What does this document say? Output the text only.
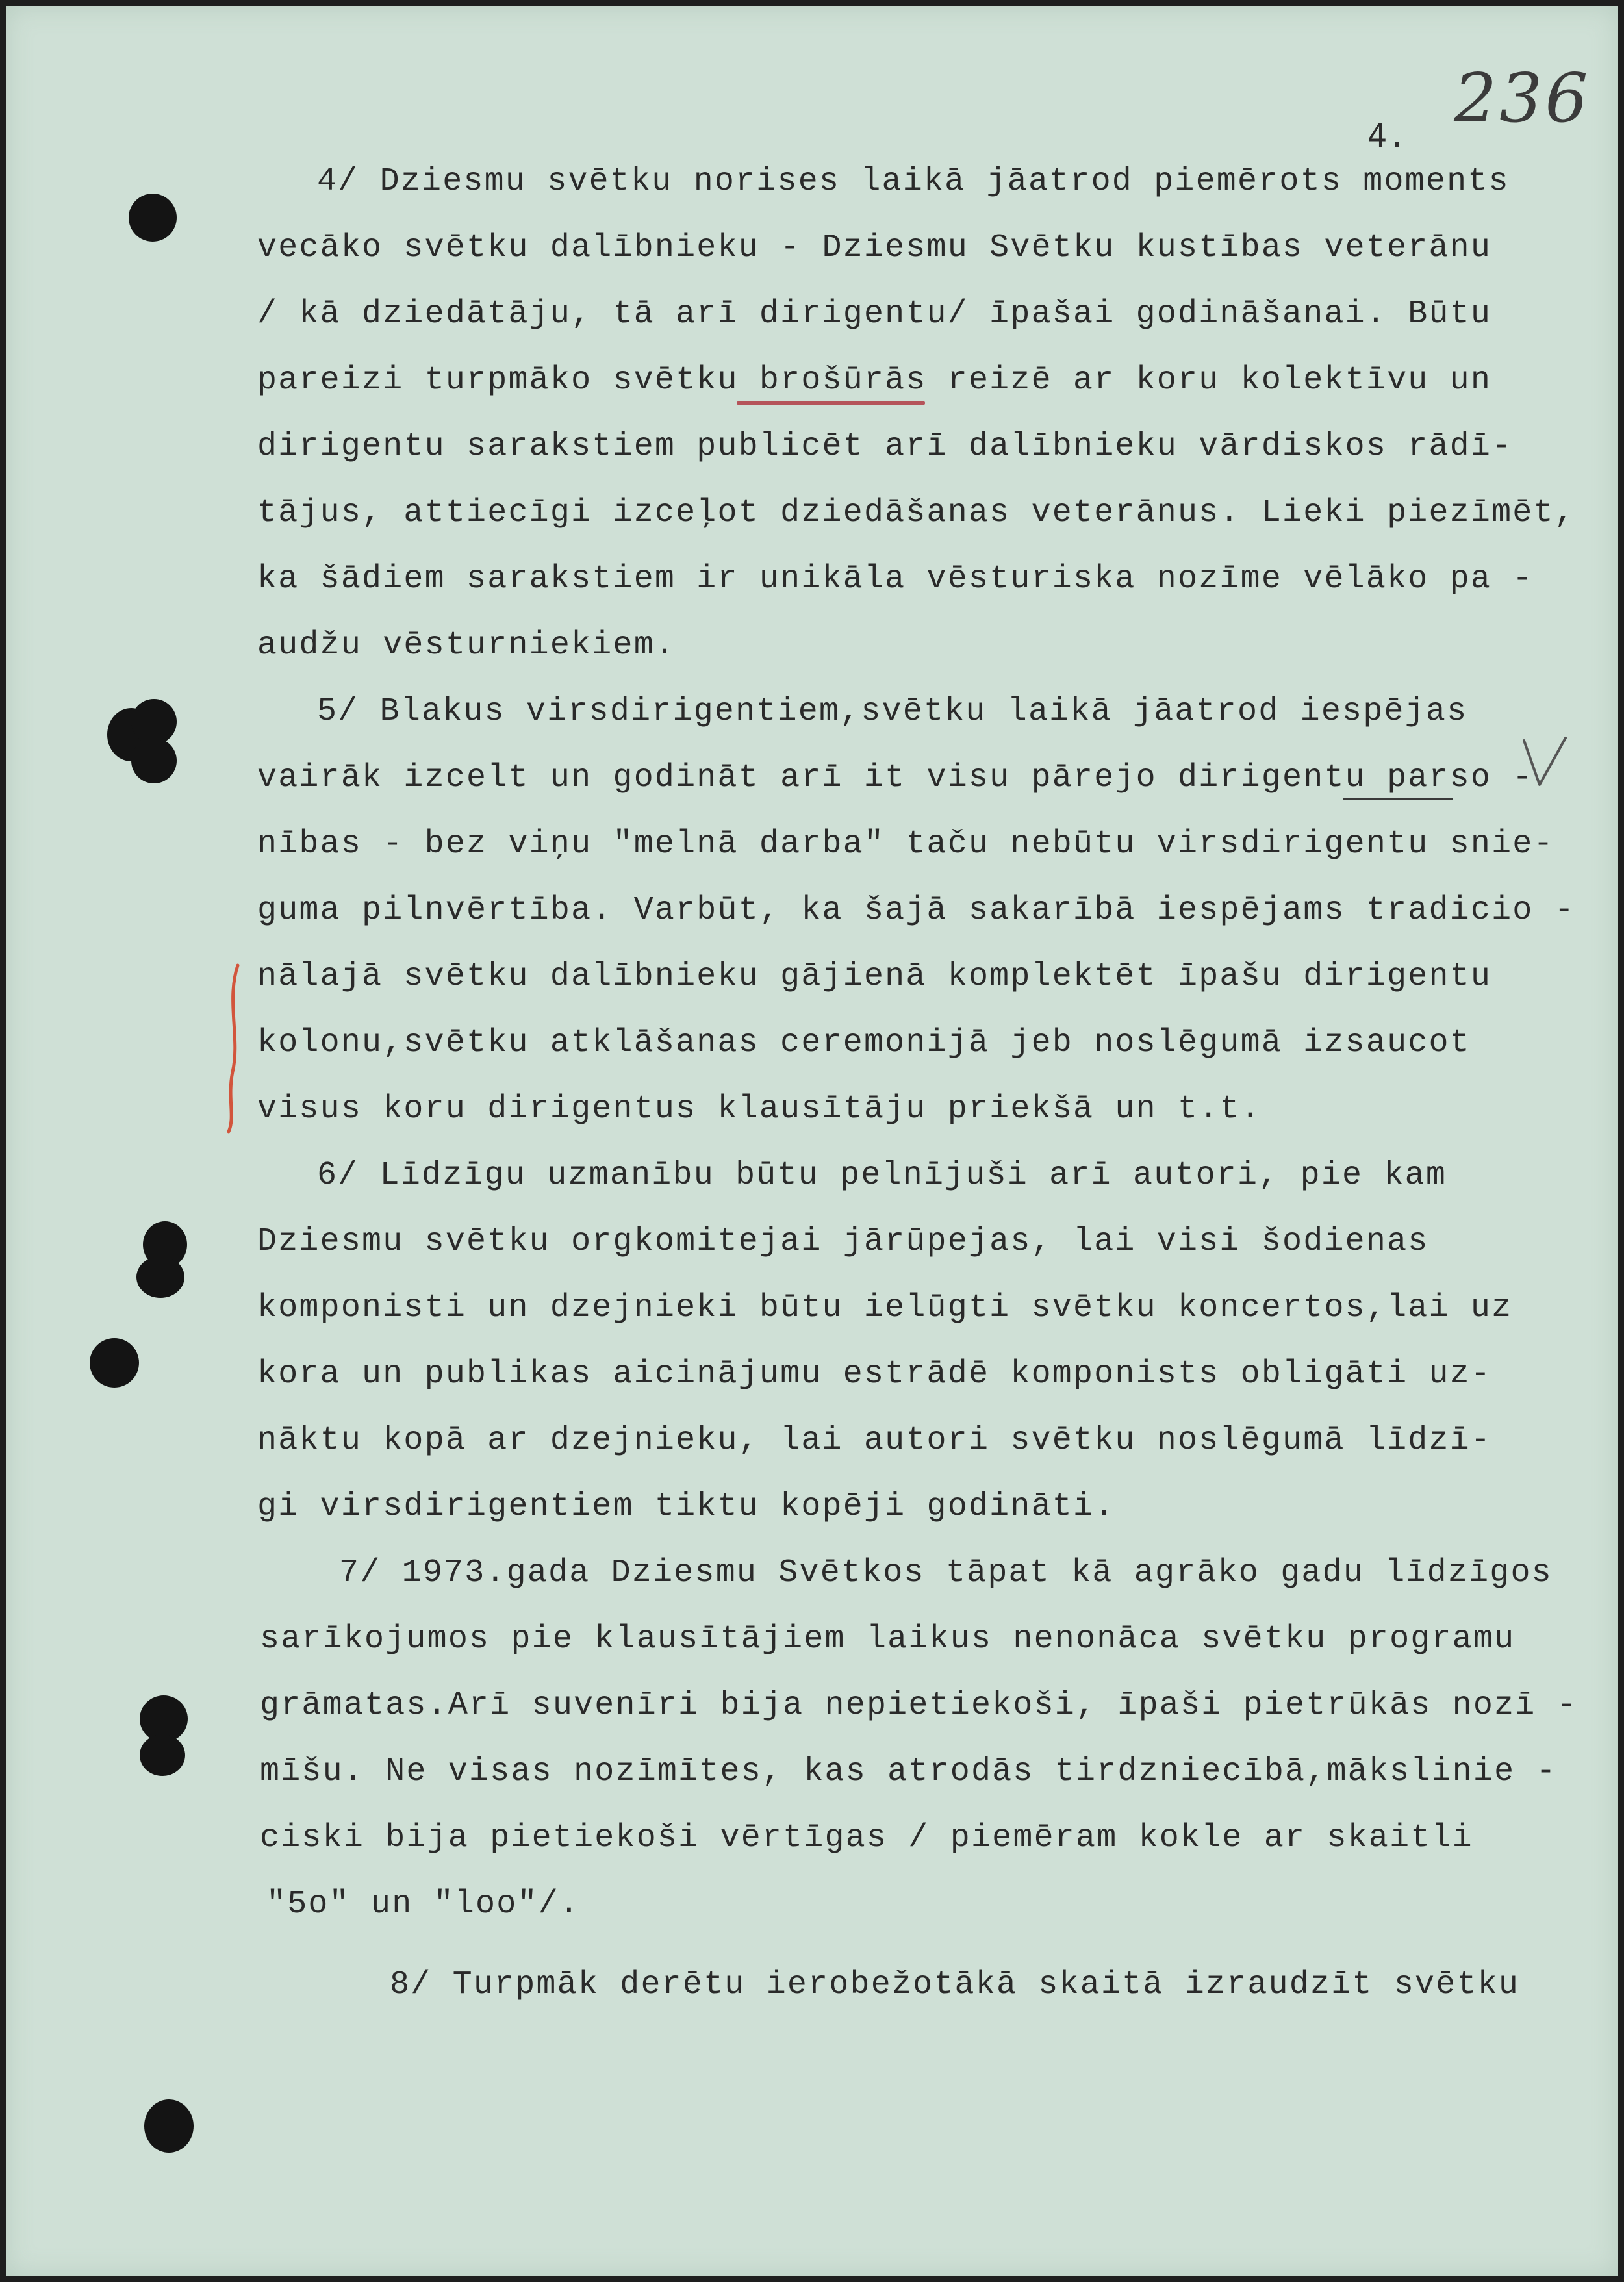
4. 236
4/ Dziesmu svētku norises laikā jāatrod piemērots moments
vecāko svētku dalībnieku - Dziesmu Svētku kustības veterānu
/ kā dziedātāju, tā arī dirigentu/ īpašai godināšanai. Būtu
pareizi turpmāko svētku brošūrās reizē ar koru kolektīvu un
dirigentu sarakstiem publicēt arī dalībnieku vārdiskos rādī-
tājus, attiecīgi izceļot dziedāšanas veterānus. Lieki piezīmēt,
ka šādiem sarakstiem ir unikāla vēsturiska nozīme vēlāko pa -
audžu vēsturniekiem.
5/ Blakus virsdirigentiem,svētku laikā jāatrod iespējas
vairāk izcelt un godināt arī it visu pārejo dirigentu parso -
nības - bez viņu "melnā darba" taču nebūtu virsdirigentu snie-
guma pilnvērtība. Varbūt, ka šajā sakarībā iespējams tradicio -
nālajā svētku dalībnieku gājienā komplektēt īpašu dirigentu
kolonu,svētku atklāšanas ceremonijā jeb noslēgumā izsaucot
visus koru dirigentus klausītāju priekšā un t.t.
6/ Līdzīgu uzmanību būtu pelnījuši arī autori, pie kam
Dziesmu svētku orgkomitejai jārūpejas, lai visi šodienas
komponisti un dzejnieki būtu ielūgti svētku koncertos,lai uz
kora un publikas aicinājumu estrādē komponists obligāti uz-
nāktu kopā ar dzejnieku, lai autori svētku noslēgumā līdzī-
gi virsdirigentiem tiktu kopēji godināti.
7/ 1973.gada Dziesmu Svētkos tāpat kā agrāko gadu līdzīgos
sarīkojumos pie klausītājiem laikus nenonāca svētku programu
grāmatas.Arī suvenīri bija nepietiekoši, īpaši pietrūkās nozī -
mīšu. Ne visas nozīmītes, kas atrodās tirdzniecībā,mākslinie -
ciski bija pietiekoši vērtīgas / piemēram kokle ar skaitli
"5o" un "loo"/.
8/ Turpmāk derētu ierobežotākā skaitā izraudzīt svētku
